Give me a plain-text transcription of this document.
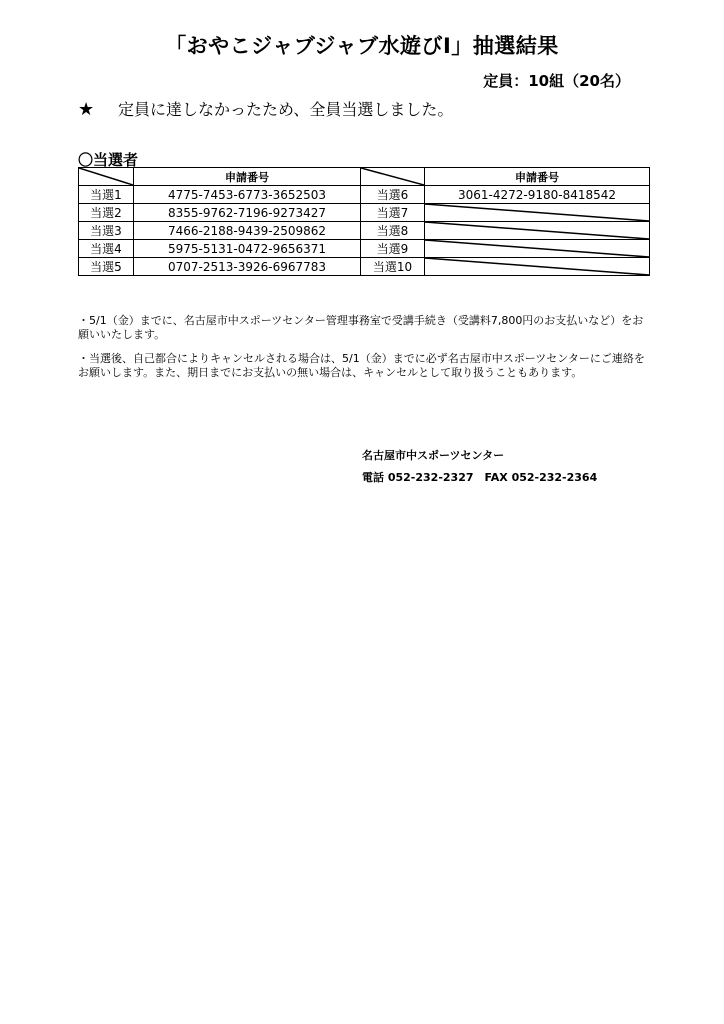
「おやこジャブジャブ水遊びⅠ」抽選結果
定員：10組（20名）
★ 定員に達しなかったため、全員当選しました。
〇当選者
	申請番号		申請番号
当選1	4775-7453-6773-3652503	当選6	3061-4272-9180-8418542
当選2	8355-9762-7196-9273427	当選7	

当選3	7466-2188-9439-2509862	当選8	

当選4	5975-5131-0472-9656371	当選9	

当選5	0707-2513-3926-6967783	当選10	

・5/1（金）までに、名古屋市中スポーツセンター管理事務室で受講手続き（受講料7,800円のお支払いなど）をお願いいたします。

・当選後、自己都合によりキャンセルされる場合は、5/1（金）までに必ず名古屋市中スポーツセンターにご連絡をお願いします。また、期日までにお支払いの無い場合は、キャンセルとして取り扱うこともあります。

名古屋市中スポーツセンター
電話 052-232-2327　FAX 052-232-2364
